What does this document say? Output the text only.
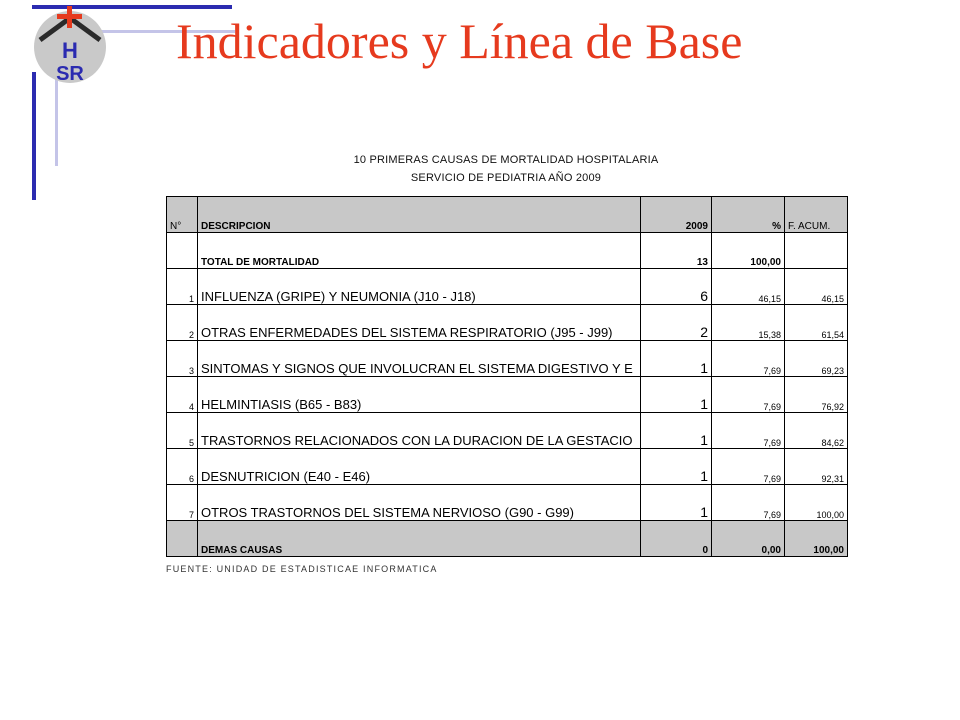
H
SR
Indicadores y Línea de Base
10 PRIMERAS CAUSAS DE MORTALIDAD HOSPITALARIA
SERVICIO DE PEDIATRIA AÑO 2009
N°	DESCRIPCION	2009	%	F. ACUM.
	TOTAL DE MORTALIDAD	13	100,00	
1	INFLUENZA (GRIPE) Y NEUMONIA (J10 - J18)	6	46,15	46,15
2	OTRAS ENFERMEDADES DEL SISTEMA RESPIRATORIO (J95 - J99)	2	15,38	61,54
3	SINTOMAS Y SIGNOS QUE INVOLUCRAN EL SISTEMA DIGESTIVO Y E	1	7,69	69,23
4	HELMINTIASIS (B65 - B83)	1	7,69	76,92
5	TRASTORNOS RELACIONADOS CON LA DURACION DE LA GESTACIO	1	7,69	84,62
6	DESNUTRICION (E40 - E46)	1	7,69	92,31
7	OTROS TRASTORNOS DEL SISTEMA NERVIOSO (G90 - G99)	1	7,69	100,00
	DEMAS CAUSAS	0	0,00	100,00
FUENTE: UNIDAD DE ESTADISTICAE INFORMATICA
